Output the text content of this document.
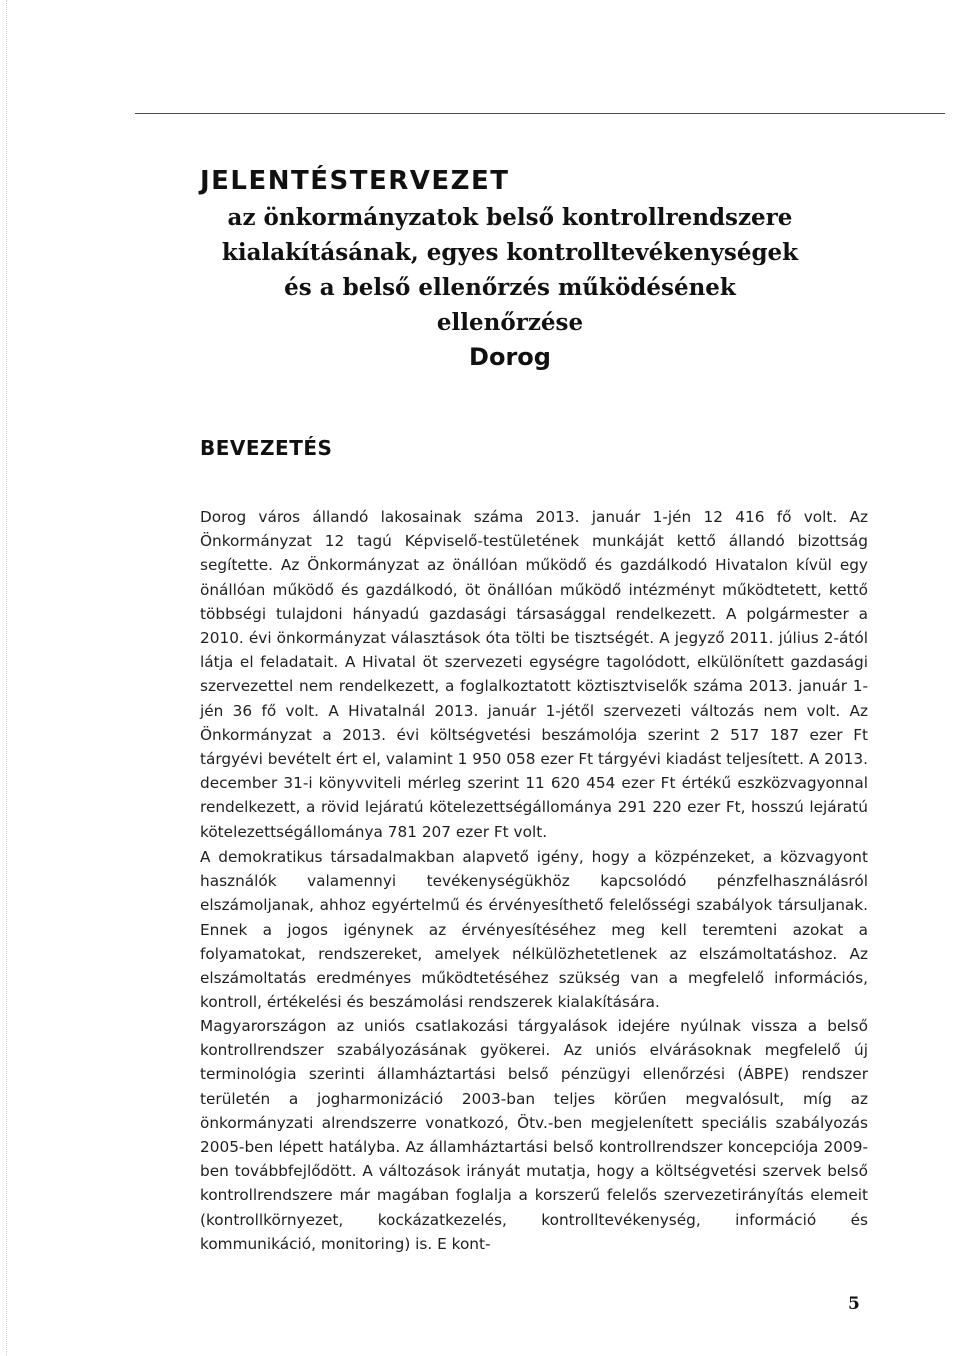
JELENTÉSTERVEZET
az önkormányzatok belső kontrollrendszere
kialakításának, egyes kontrolltevékenységek
és a belső ellenőrzés működésének
ellenőrzése
Dorog
BEVEZETÉS

Dorog város állandó lakosainak száma 2013. január 1-jén 12 416 fő volt. Az Önkormányzat 12 tagú Képviselő-testületének munkáját kettő állandó bizottság segítette. Az Önkormányzat az önállóan működő és gazdálkodó Hivatalon kívül egy önállóan működő és gazdálkodó, öt önállóan működő intézményt működtetett, kettő többségi tulajdoni hányadú gazdasági társasággal rendelkezett. A polgármester a 2010. évi önkormányzat választások óta tölti be tisztségét. A jegyző 2011. július 2-ától látja el feladatait. A Hivatal öt szervezeti egységre tagolódott, elkülönített gazdasági szervezettel nem rendelkezett, a foglalkoztatott köztisztviselők száma 2013. január 1-jén 36 fő volt. A Hivatalnál 2013. január 1-jétől szervezeti változás nem volt. Az Önkormányzat a 2013. évi költségvetési beszámolója szerint 2 517 187 ezer Ft tárgyévi bevételt ért el, valamint 1 950 058 ezer Ft tárgyévi kiadást teljesített. A 2013. december 31-i könyvviteli mérleg szerint 11 620 454 ezer Ft értékű eszközvagyonnal rendelkezett, a rövid lejáratú kötelezettségállománya 291 220 ezer Ft, hosszú lejáratú kötelezettségállománya 781 207 ezer Ft volt.

A demokratikus társadalmakban alapvető igény, hogy a közpénzeket, a közvagyont használók valamennyi tevékenységükhöz kapcsolódó pénzfelhasználásról elszámoljanak, ahhoz egyértelmű és érvényesíthető felelősségi szabályok társuljanak. Ennek a jogos igénynek az érvényesítéséhez meg kell teremteni azokat a folyamatokat, rendszereket, amelyek nélkülözhetetlenek az elszámoltatáshoz. Az elszámoltatás eredményes működtetéséhez szükség van a megfelelő információs, kontroll, értékelési és beszámolási rendszerek kialakítására.

Magyarországon az uniós csatlakozási tárgyalások idejére nyúlnak vissza a belső kontrollrendszer szabályozásának gyökerei. Az uniós elvárásoknak megfelelő új terminológia szerinti államháztartási belső pénzügyi ellenőrzési (ÁBPE) rendszer területén a jogharmonizáció 2003-ban teljes körűen megvalósult, míg az önkormányzati alrendszerre vonatkozó, Ötv.-ben megjelenített speciális szabályozás 2005-ben lépett hatályba. Az államháztartási belső kontrollrendszer koncepciója 2009-ben továbbfejlődött. A változások irányát mutatja, hogy a költségvetési szervek belső kontrollrendszere már magában foglalja a korszerű felelős szervezetirányítás elemeit (kontrollkörnyezet, kockázatkezelés, kontrolltevékenység, információ és kommunikáció, monitoring) is. E kont-

5
